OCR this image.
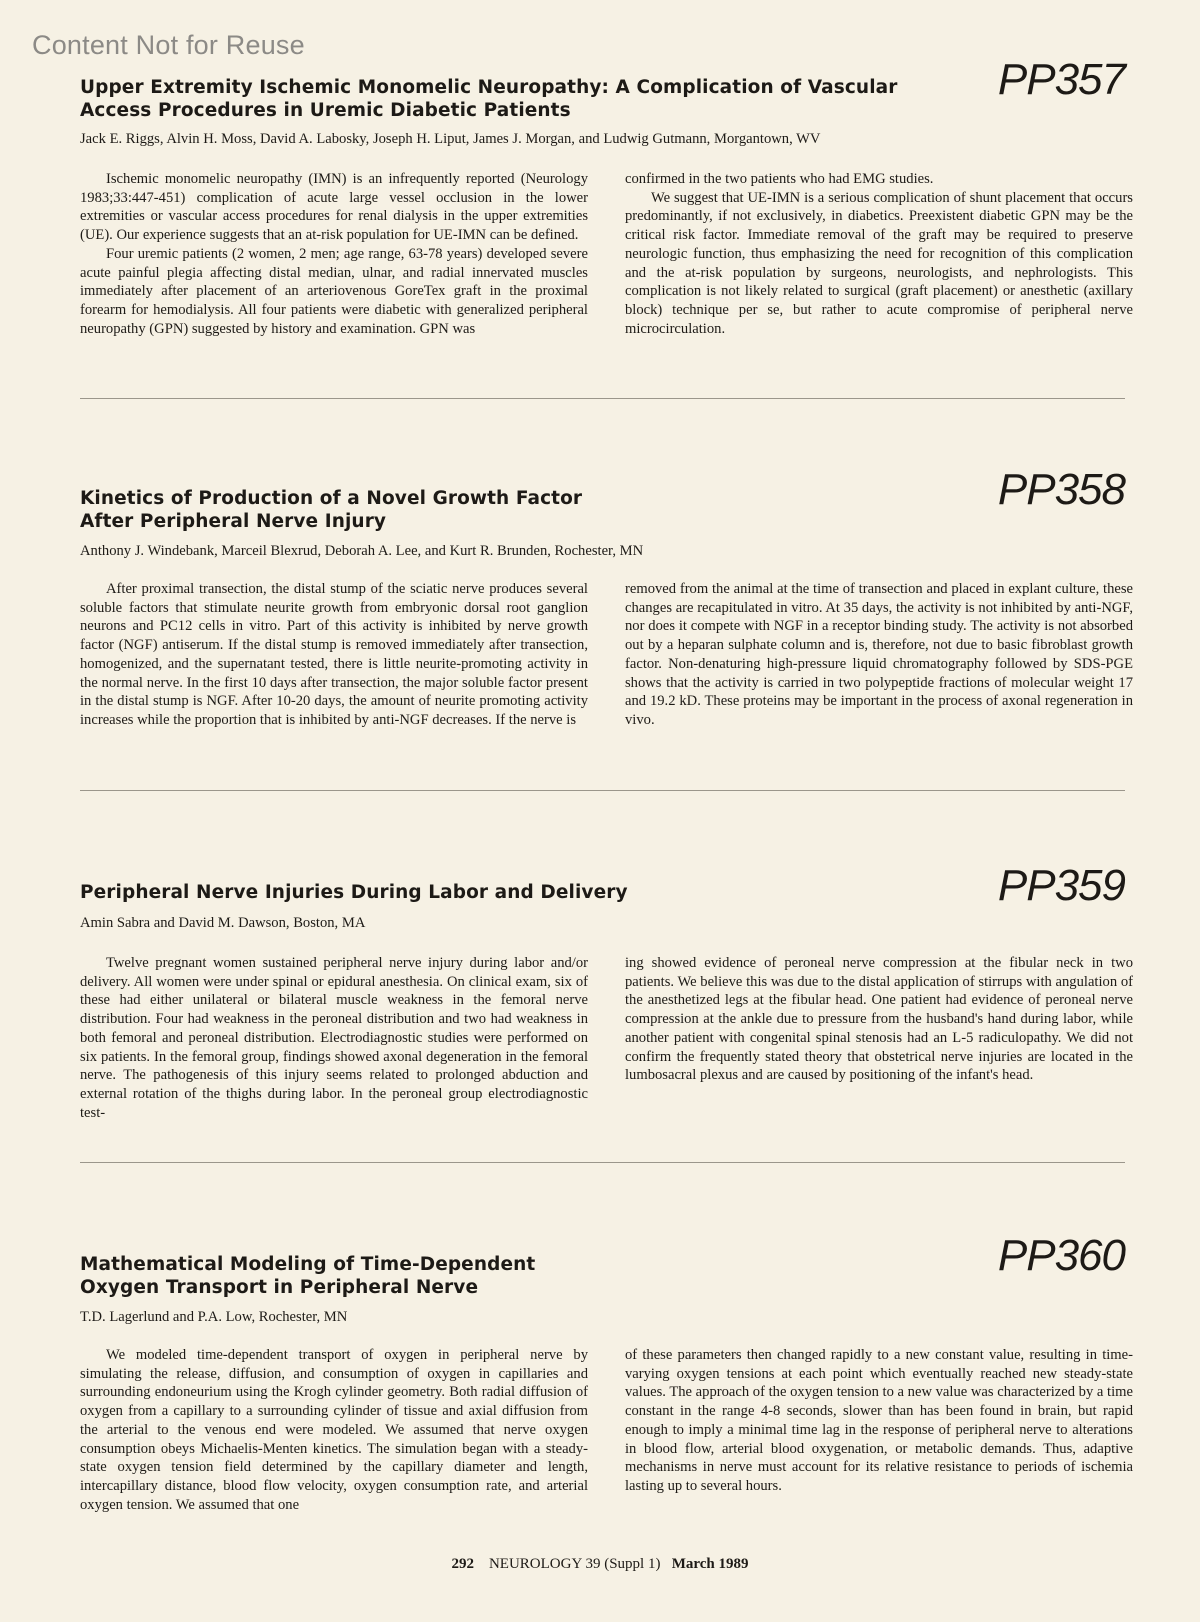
Content Not for Reuse
Upper Extremity Ischemic Monomelic Neuropathy: A Complication of Vascular Access Procedures in Uremic Diabetic Patients
PP357
Jack E. Riggs, Alvin H. Moss, David A. Labosky, Joseph H. Liput, James J. Morgan, and Ludwig Gutmann, Morgantown, WV

Ischemic monomelic neuropathy (IMN) is an infrequently reported (Neurology 1983;33:447-451) complication of acute large vessel occlusion in the lower extremities or vascular access procedures for renal dialysis in the upper extremities (UE). Our experience suggests that an at-risk population for UE-IMN can be defined.

Four uremic patients (2 women, 2 men; age range, 63-78 years) developed severe acute painful plegia affecting distal median, ulnar, and radial innervated muscles immediately after placement of an arteriovenous GoreTex graft in the proximal forearm for hemodialysis. All four patients were diabetic with generalized peripheral neuropathy (GPN) suggested by history and examination. GPN was

confirmed in the two patients who had EMG studies.

We suggest that UE-IMN is a serious complication of shunt placement that occurs predominantly, if not exclusively, in diabetics. Preexistent diabetic GPN may be the critical risk factor. Immediate removal of the graft may be required to preserve neurologic function, thus emphasizing the need for recognition of this complication and the at-risk population by surgeons, neurologists, and nephrologists. This complication is not likely related to surgical (graft placement) or anesthetic (axillary block) technique per se, but rather to acute compromise of peripheral nerve microcirculation.

Kinetics of Production of a Novel Growth Factor After Peripheral Nerve Injury
PP358
Anthony J. Windebank, Marceil Blexrud, Deborah A. Lee, and Kurt R. Brunden, Rochester, MN

After proximal transection, the distal stump of the sciatic nerve produces several soluble factors that stimulate neurite growth from embryonic dorsal root ganglion neurons and PC12 cells in vitro. Part of this activity is inhibited by nerve growth factor (NGF) antiserum. If the distal stump is removed immediately after transection, homogenized, and the supernatant tested, there is little neurite-promoting activity in the normal nerve. In the first 10 days after transection, the major soluble factor present in the distal stump is NGF. After 10-20 days, the amount of neurite promoting activity increases while the proportion that is inhibited by anti-NGF decreases. If the nerve is

removed from the animal at the time of transection and placed in explant culture, these changes are recapitulated in vitro. At 35 days, the activity is not inhibited by anti-NGF, nor does it compete with NGF in a receptor binding study. The activity is not absorbed out by a heparan sulphate column and is, therefore, not due to basic fibroblast growth factor. Non-denaturing high-pressure liquid chromatography followed by SDS-PGE shows that the activity is carried in two polypeptide fractions of molecular weight 17 and 19.2 kD. These proteins may be important in the process of axonal regeneration in vivo.

Peripheral Nerve Injuries During Labor and Delivery	PP359
Amin Sabra and David M. Dawson, Boston, MA

Twelve pregnant women sustained peripheral nerve injury during labor and/or delivery. All women were under spinal or epidural anesthesia. On clinical exam, six of these had either unilateral or bilateral muscle weakness in the femoral nerve distribution. Four had weakness in the peroneal distribution and two had weakness in both femoral and peroneal distribution. Electrodiagnostic studies were performed on six patients. In the femoral group, findings showed axonal degeneration in the femoral nerve. The pathogenesis of this injury seems related to prolonged abduction and external rotation of the thighs during labor. In the peroneal group electrodiagnostic test-

ing showed evidence of peroneal nerve compression at the fibular neck in two patients. We believe this was due to the distal application of stirrups with angulation of the anesthetized legs at the fibular head. One patient had evidence of peroneal nerve compression at the ankle due to pressure from the husband's hand during labor, while another patient with congenital spinal stenosis had an L-5 radiculopathy. We did not confirm the frequently stated theory that obstetrical nerve injuries are located in the lumbosacral plexus and are caused by positioning of the infant's head.

Mathematical Modeling of Time-Dependent Oxygen Transport in Peripheral Nerve
PP360
T.D. Lagerlund and P.A. Low, Rochester, MN

We modeled time-dependent transport of oxygen in peripheral nerve by simulating the release, diffusion, and consumption of oxygen in capillaries and surrounding endoneurium using the Krogh cylinder geometry. Both radial diffusion of oxygen from a capillary to a surrounding cylinder of tissue and axial diffusion from the arterial to the venous end were modeled. We assumed that nerve oxygen consumption obeys Michaelis-Menten kinetics. The simulation began with a steady-state oxygen tension field determined by the capillary diameter and length, intercapillary distance, blood flow velocity, oxygen consumption rate, and arterial oxygen tension. We assumed that one

of these parameters then changed rapidly to a new constant value, resulting in time-varying oxygen tensions at each point which eventually reached new steady-state values. The approach of the oxygen tension to a new value was characterized by a time constant in the range 4-8 seconds, slower than has been found in brain, but rapid enough to imply a minimal time lag in the response of peripheral nerve to alterations in blood flow, arterial blood oxygenation, or metabolic demands. Thus, adaptive mechanisms in nerve must account for its relative resistance to periods of ischemia lasting up to several hours.

292 NEUROLOGY 39 (Suppl 1) March 1989
